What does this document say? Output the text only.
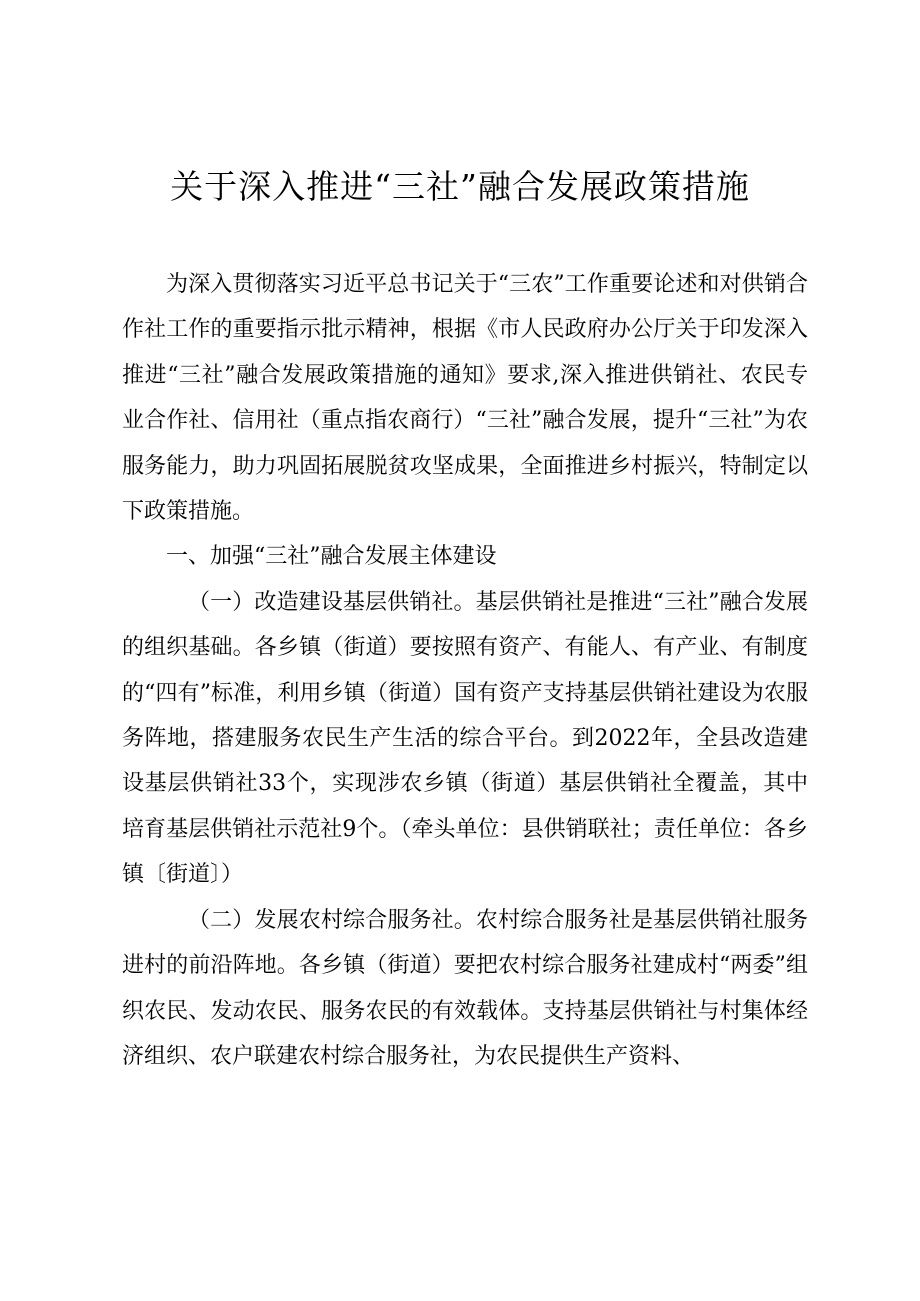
关于深入推进“三社”融合发展政策措施

为深入贯彻落实习近平总书记关于“三农”工作重要论述和对供销合作社工作的重要指示批示精神，根据《市人民政府办公厅关于印发深入推进“三社”融合发展政策措施的通知》要求,深入推进供销社、农民专业合作社、信用社（重点指农商行）“三社”融合发展，提升“三社”为农服务能力，助力巩固拓展脱贫攻坚成果，全面推进乡村振兴，特制定以下政策措施。

一、加强“三社”融合发展主体建设

（一）改造建设基层供销社。基层供销社是推进“三社”融合发展的组织基础。各乡镇（街道）要按照有资产、有能人、有产业、有制度的“四有”标准，利用乡镇（街道）国有资产支持基层供销社建设为农服务阵地，搭建服务农民生产生活的综合平台。到2022年，全县改造建设基层供销社33个，实现涉农乡镇（街道）基层供销社全覆盖，其中培育基层供销社示范社9个。（牵头单位：县供销联社；责任单位：各乡镇〔街道〕）

（二）发展农村综合服务社。农村综合服务社是基层供销社服务进村的前沿阵地。各乡镇（街道）要把农村综合服务社建成村“两委”组织农民、发动农民、服务农民的有效载体。支持基层供销社与村集体经济组织、农户联建农村综合服务社，为农民提供生产资料、
